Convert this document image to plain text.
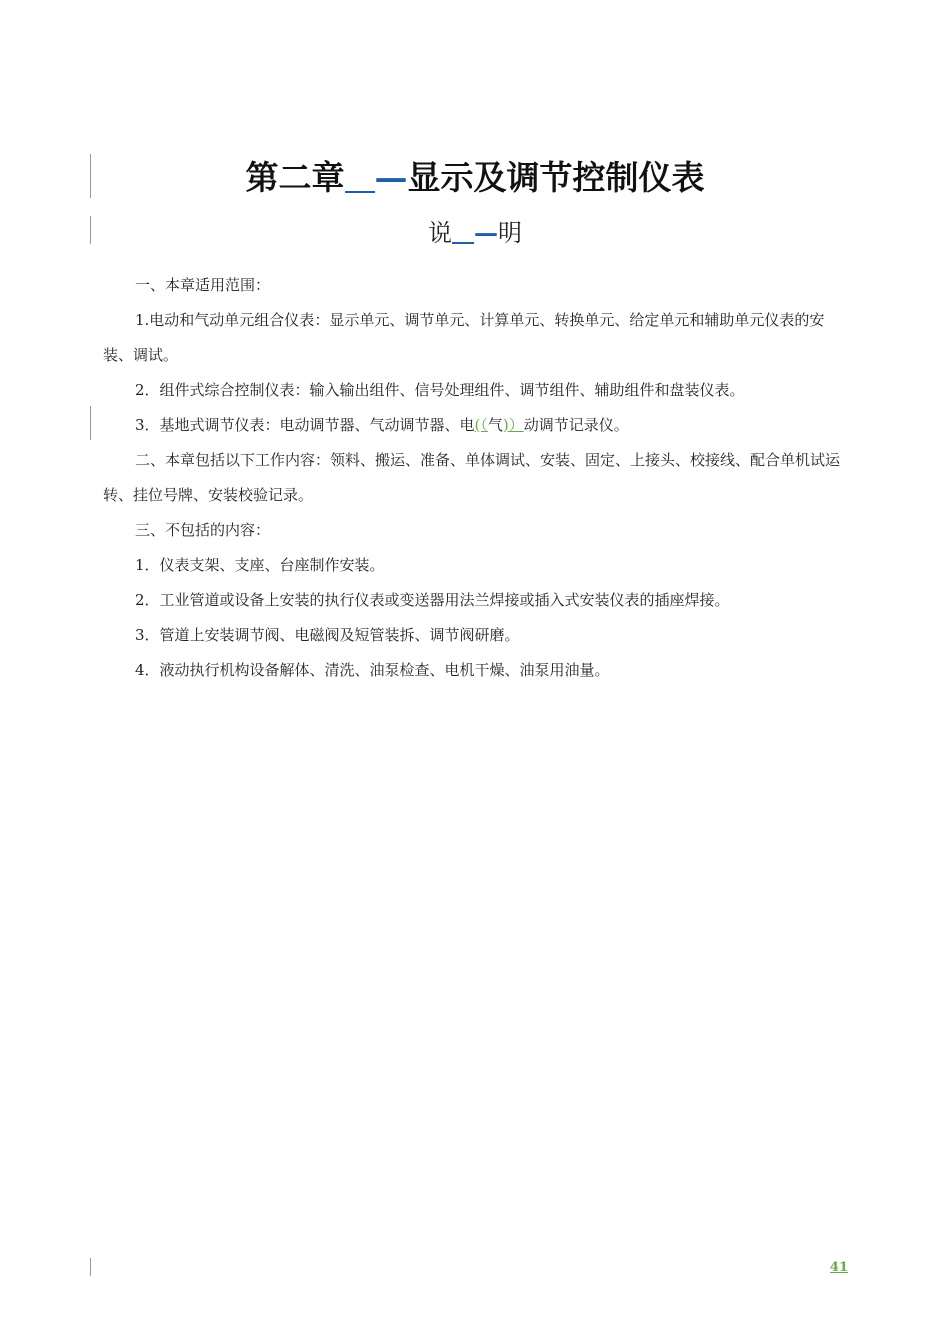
第二章 —显示及调节控制仪表
说 —明

一、本章适用范围：

1.电动和气动单元组合仪表：显示单元、调节单元、计算单元、转换单元、给定单元和辅助单元仪表的安装、调试。

2．组件式综合控制仪表：输入输出组件、信号处理组件、调节组件、辅助组件和盘装仪表。

3．基地式调节仪表：电动调节器、气动调节器、电(（气)）动调节记录仪。

二、本章包括以下工作内容：领料、搬运、准备、单体调试、安装、固定、上接头、校接线、配合单机试运转、挂位号牌、安装校验记录。

三、不包括的内容：

1．仪表支架、支座、台座制作安装。

2．工业管道或设备上安装的执行仪表或变送器用法兰焊接或插入式安装仪表的插座焊接。

3．管道上安装调节阀、电磁阀及短管装拆、调节阀研磨。

4．液动执行机构设备解体、清洗、油泵检查、电机干燥、油泵用油量。

41
